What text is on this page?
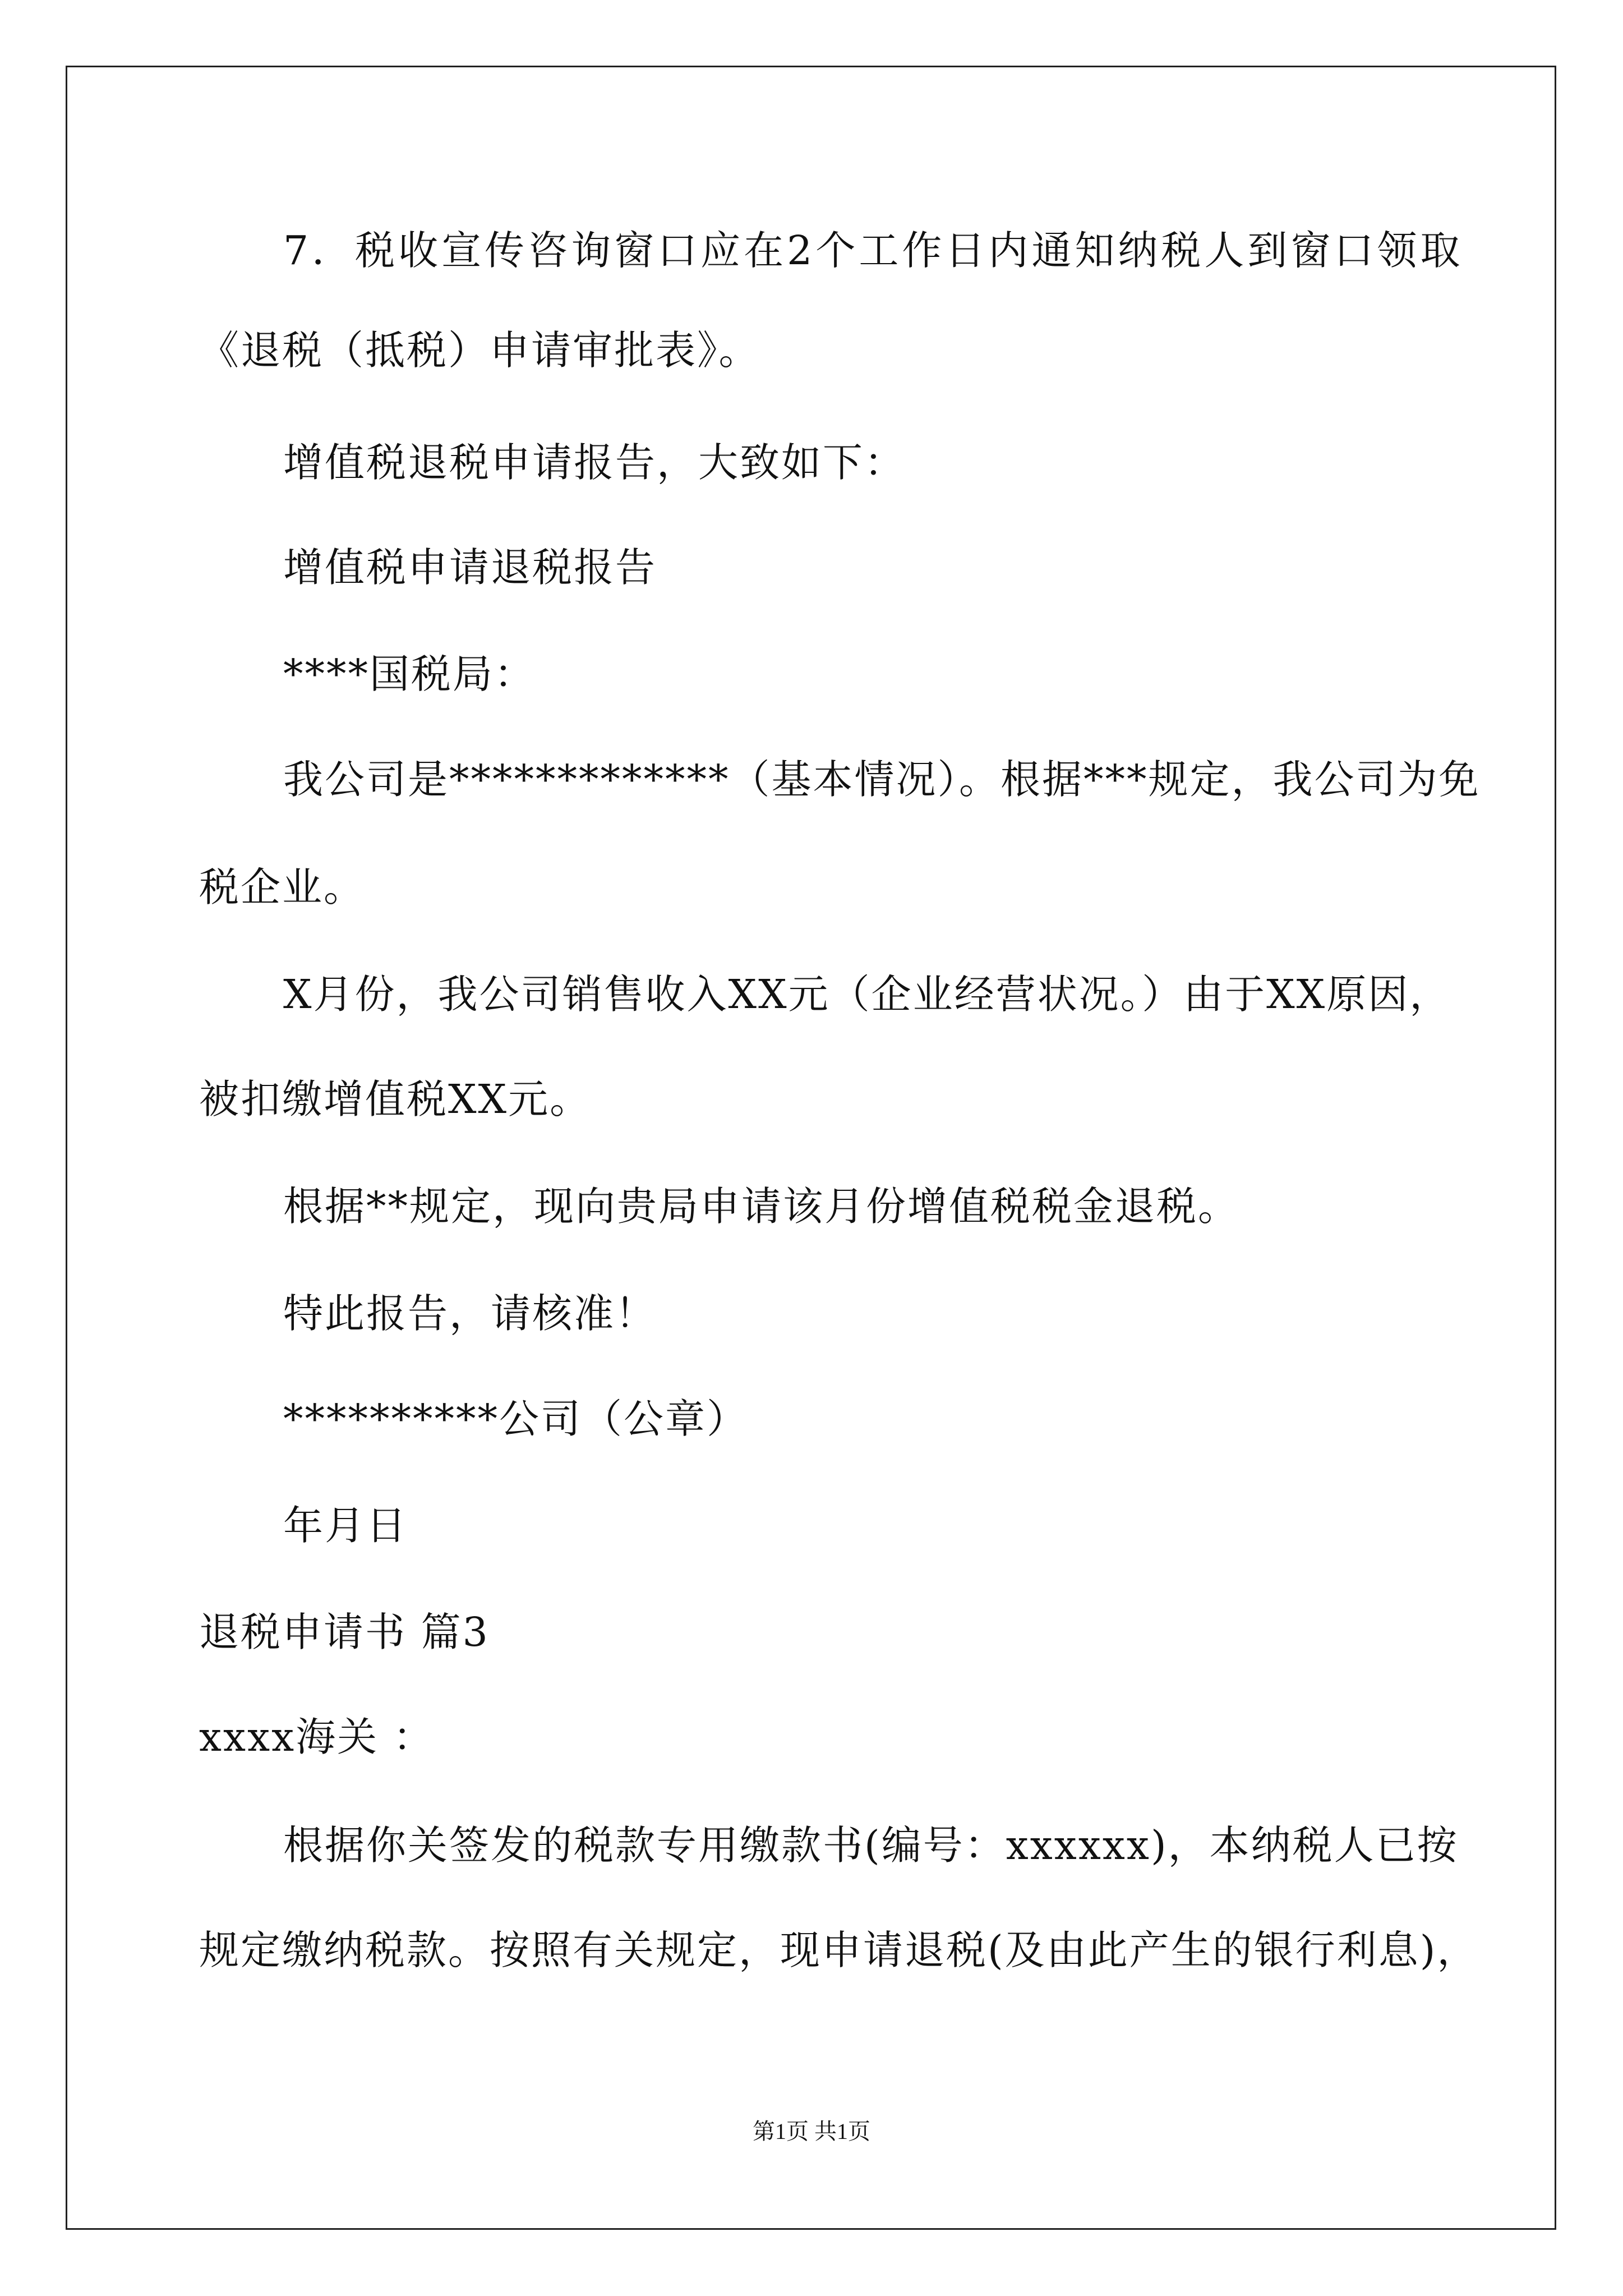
7．税收宣传咨询窗口应在2个工作日内通知纳税人到窗口领取
《退税（抵税）申请审批表》。
增值税退税申请报告，大致如下：
增值税申请退税报告
****国税局：
我公司是*************（基本情况）。根据***规定，我公司为免
税企业。
X月份，我公司销售收入XX元（企业经营状况。）由于XX原因，
被扣缴增值税XX元。
根据**规定，现向贵局申请该月份增值税税金退税。
特此报告，请核准！
**********公司（公章）
年月日
退税申请书 篇3
xxxx海关 ：
根据你关签发的税款专用缴款书(编号：xxxxxx)，本纳税人已按
规定缴纳税款。按照有关规定，现申请退税(及由此产生的银行利息)，
第1页 共1页
